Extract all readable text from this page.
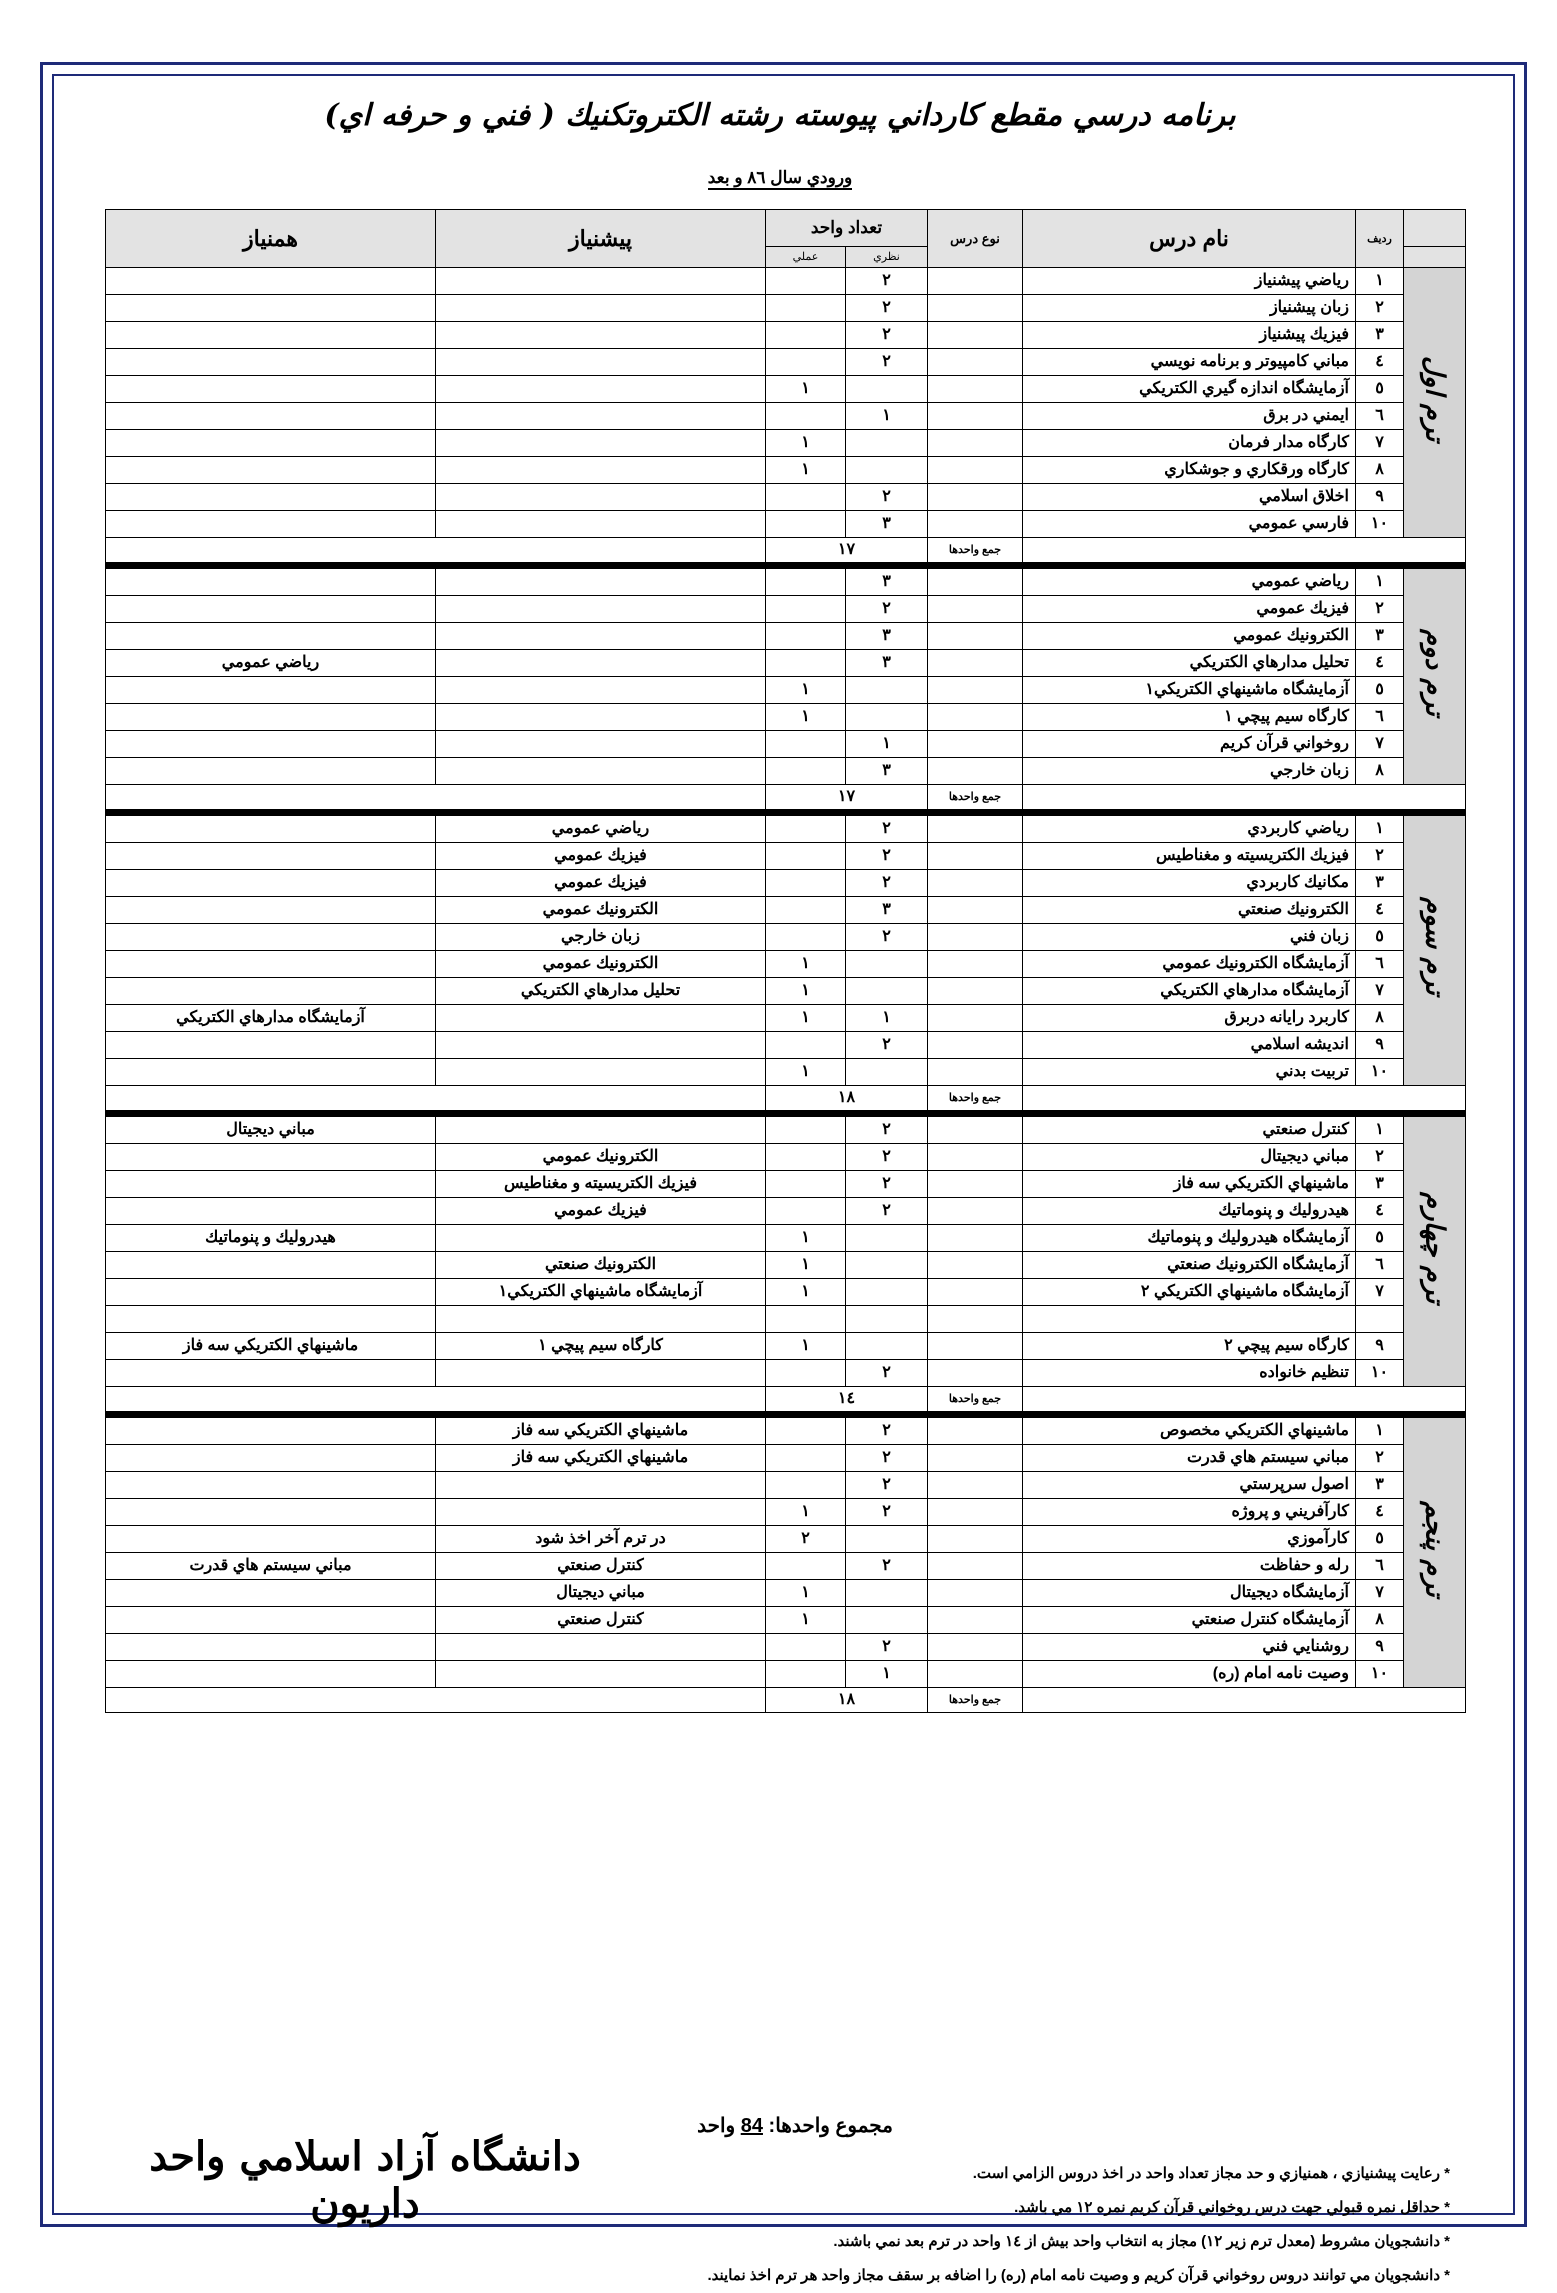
برنامه درسي مقطع كارداني پيوسته رشته الكتروتكنيك ( فني و حرفه اي)
ورودي سال ٨٦ و بعد
	رديف	نام درس	نوع درس	تعداد واحد		پيشنياز	همنياز
				نظري	عملي		
ترم اول	١	رياضي پيشنياز		٢			
	٢	زبان پيشنياز		٢			
	٣	فيزيك پيشنياز		٢			
	٤	مباني كامپيوتر و برنامه نويسي		٢			
	٥	آزمايشگاه اندازه گيري الكتريكي			١		
	٦	ايمني در برق		١			
	٧	كارگاه مدار فرمان			١		
	٨	كارگاه ورقكاري و جوشكاري			١		
	٩	اخلاق اسلامي		٢			
	١٠	فارسي عمومي		٣			
			جمع واحدها	١٧			

ترم دوم	١	رياضي عمومي		٣			
	٢	فيزيك عمومي		٢			
	٣	الكترونيك عمومي		٣			
	٤	تحليل مدارهاي الكتريكي		٣			رياضي عمومي
	٥	آزمايشگاه ماشينهاي الكتريكي١			١		
	٦	كارگاه سيم پيچي ١			١		
	٧	روخواني قرآن كريم		١			
	٨	زبان خارجي		٣			
			جمع واحدها	١٧			

ترم سوم	١	رياضي كاربردي		٢		رياضي عمومي	
	٢	فيزيك الكتريسيته و مغناطيس		٢		فيزيك عمومي	
	٣	مكانيك كاربردي		٢		فيزيك عمومي	
	٤	الكترونيك صنعتي		٣		الكترونيك عمومي	
	٥	زبان فني		٢		زبان خارجي	
	٦	آزمايشگاه الكترونيك عمومي			١	الكترونيك عمومي	
	٧	آزمايشگاه مدارهاي الكتريكي			١	تحليل مدارهاي الكتريكي	
	٨	كاربرد رايانه دربرق		١	١		آزمايشگاه مدارهاي الكتريكي
	٩	انديشه اسلامي		٢			
	١٠	تربيت بدني			١		
			جمع واحدها	١٨			

ترم چهارم	١	كنترل صنعتي		٢			مباني ديجيتال
	٢	مباني ديجيتال		٢		الكترونيك عمومي	
	٣	ماشينهاي الكتريكي سه فاز		٢		فيزيك الكتريسيته و مغناطيس	
	٤	هيدروليك و پنوماتيك		٢		فيزيك عمومي	
	٥	آزمايشگاه هيدروليك و پنوماتيك			١		هيدروليك و پنوماتيك
	٦	آزمايشگاه الكترونيك صنعتي			١	الكترونيك صنعتي	
	٧	آزمايشگاه ماشينهاي الكتريكي ٢			١	آزمايشگاه ماشينهاي الكتريكي١	

	٩	كارگاه سيم پيچي ٢			١	كارگاه سيم پيچي ١	ماشينهاي الكتريكي سه فاز
	١٠	تنظيم خانواده		٢			
			جمع واحدها	١٤			

ترم پنجم	١	ماشينهاي الكتريكي مخصوص		٢		ماشينهاي الكتريكي سه فاز	
	٢	مباني سيستم هاي قدرت		٢		ماشينهاي الكتريكي سه فاز	
	٣	اصول سرپرستي		٢			
	٤	كارآفريني و پروژه		٢	١		
	٥	كارآموزي			٢	در ترم آخر اخذ شود	
	٦	رله و حفاظت		٢		كنترل صنعتي	مباني سيستم هاي قدرت
	٧	آزمايشگاه ديجيتال			١	مباني ديجيتال	
	٨	آزمايشگاه كنترل صنعتي			١	كنترل صنعتي	
	٩	روشنايي فني		٢			
	١٠	وصيت نامه امام (ره)		١			
			جمع واحدها	١٨			
مجموع واحدها: 84 واحد
دانشگاه آزاد اسلامي واحد داريون
* رعايت پيشنيازي ، همنيازي و حد مجاز تعداد واحد در اخذ دروس الزامي است.
* حداقل نمره قبولي جهت درس روخواني قرآن كريم نمره ١٢ مي باشد.
* دانشجويان مشروط (معدل ترم زير ١٢) مجاز به انتخاب واحد بيش از ١٤ واحد در ترم بعد نمي باشند.
* دانشجويان مي توانند دروس روخواني قرآن كريم و وصيت نامه امام (ره) را اضافه بر سقف مجاز واحد هر ترم اخذ نمايند.
